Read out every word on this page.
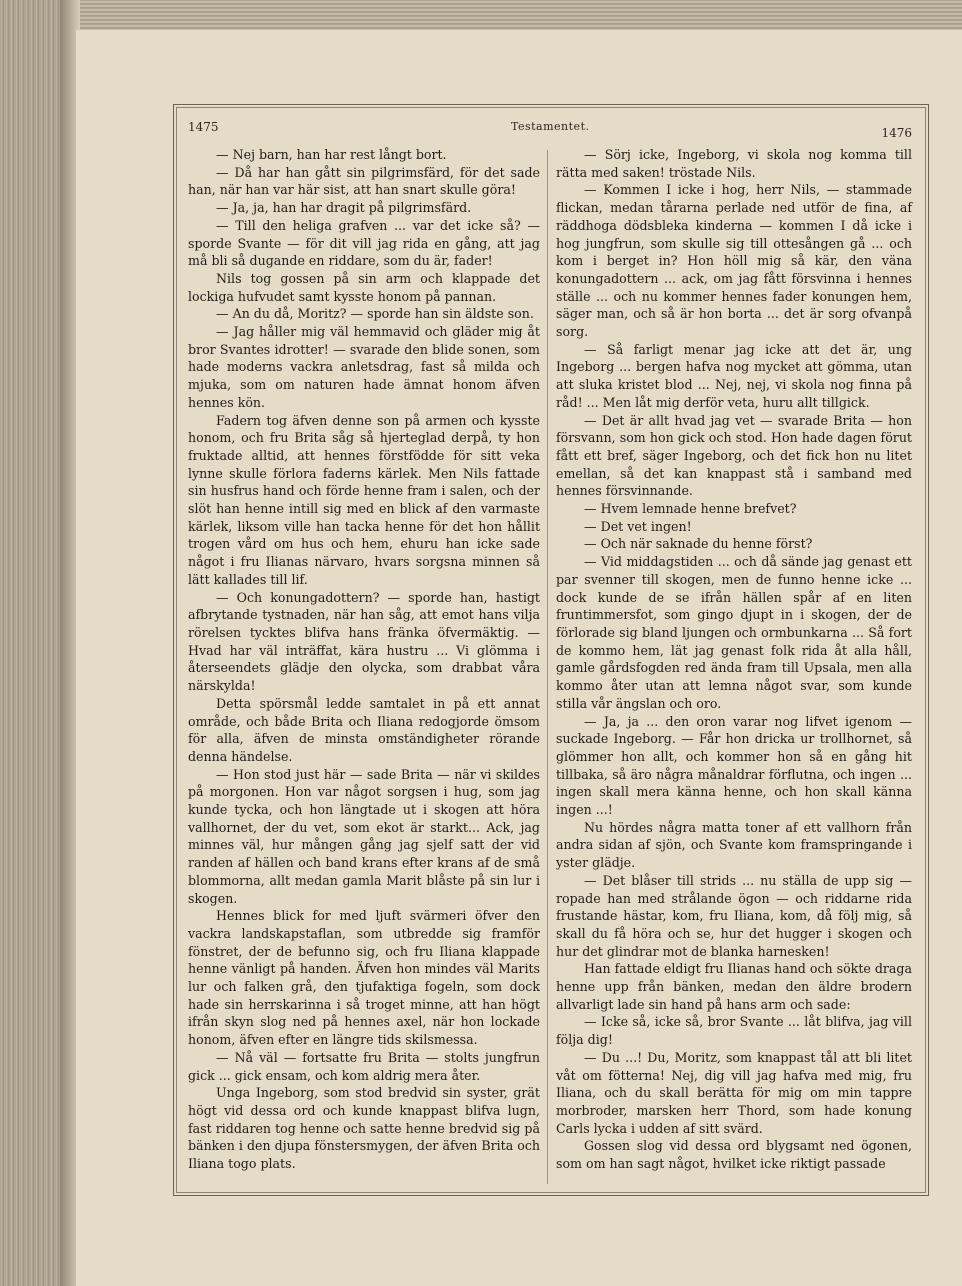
1475	Testamentet.	1476

— Nej barn, han har rest långt bort.

— Då har han gått sin pilgrimsfärd, för det sade han, när han var här sist, att han snart skulle göra!

— Ja, ja, han har dragit på pilgrimsfärd.

— Till den heliga grafven ... var det icke så? — sporde Svante — för dit vill jag rida en gång, att jag må bli så dugande en riddare, som du är, fader!

Nils tog gossen på sin arm och klappade det lockiga hufvudet samt kysste honom på pannan.

— An du då, Moritz? — sporde han sin äldste son.

— Jag håller mig väl hemmavid och gläder mig åt bror Svantes idrotter! — svarade den blide sonen, som hade moderns vackra anletsdrag, fast så milda och mjuka, som om naturen hade ämnat honom äfven hennes kön.

Fadern tog äfven denne son på armen och kysste honom, och fru Brita såg så hjerteglad derpå, ty hon fruktade alltid, att hennes förstfödde för sitt veka lynne skulle förlora faderns kärlek. Men Nils fattade sin husfrus hand och förde henne fram i salen, och der slöt han henne intill sig med en blick af den varmaste kärlek, liksom ville han tacka henne för det hon hållit trogen vård om hus och hem, ehuru han icke sade något i fru Ilianas närvaro, hvars sorgsna minnen så lätt kallades till lif.

— Och konungadottern? — sporde han, hastigt afbrytande tystnaden, när han såg, att emot hans vilja rörelsen tycktes blifva hans fränka öfvermäktig. — Hvad har väl inträffat, kära hustru ... Vi glömma i återseendets glädje den olycka, som drabbat våra närskylda!

Detta spörsmål ledde samtalet in på ett annat område, och både Brita och Iliana redogjorde ömsom för alla, äfven de minsta omständigheter rörande denna händelse.

— Hon stod just här — sade Brita — när vi skildes på morgonen. Hon var något sorgsen i hug, som jag kunde tycka, och hon längtade ut i skogen att höra vallhornet, der du vet, som ekot är starkt... Ack, jag minnes väl, hur mången gång jag sjelf satt der vid randen af hällen och band krans efter krans af de små blommorna, allt medan gamla Marit blåste på sin lur i skogen.

Hennes blick for med ljuft svärmeri öfver den vackra landskapstaflan, som utbredde sig framför fönstret, der de befunno sig, och fru Iliana klappade henne vänligt på handen. Äfven hon mindes väl Marits lur och falken grå, den tjufaktiga fogeln, som dock hade sin herrskarinna i så troget minne, att han högt ifrån skyn slog ned på hennes axel, när hon lockade honom, äfven efter en längre tids skilsmessa.

— Nå väl — fortsatte fru Brita — stolts jungfrun gick ... gick ensam, och kom aldrig mera åter.

Unga Ingeborg, som stod bredvid sin syster, grät högt vid dessa ord och kunde knappast blifva lugn, fast riddaren tog henne och satte henne bredvid sig på bänken i den djupa fönstersmygen, der äfven Brita och Iliana togo plats.

— Sörj icke, Ingeborg, vi skola nog komma till rätta med saken! tröstade Nils.

— Kommen I icke i hog, herr Nils, — stammade flickan, medan tårarna perlade ned utför de fina, af räddhoga dödsbleka kinderna — kommen I då icke i hog jungfrun, som skulle sig till ottesången gå ... och kom i berget in? Hon höll mig så kär, den väna konungadottern ... ack, om jag fått försvinna i hennes ställe ... och nu kommer hennes fader konungen hem, säger man, och så är hon borta ... det är sorg ofvanpå sorg.

— Så farligt menar jag icke att det är, ung Ingeborg ... bergen hafva nog mycket att gömma, utan att sluka kristet blod ... Nej, nej, vi skola nog finna på råd! ... Men låt mig derför veta, huru allt tillgick.

— Det är allt hvad jag vet — svarade Brita — hon försvann, som hon gick och stod. Hon hade dagen förut fått ett bref, säger Ingeborg, och det fick hon nu litet emellan, så det kan knappast stå i samband med hennes försvinnande.

— Hvem lemnade henne brefvet?

— Det vet ingen!

— Och när saknade du henne först?

— Vid middagstiden ... och då sände jag genast ett par svenner till skogen, men de funno henne icke ... dock kunde de se ifrån hällen spår af en liten fruntimmersfot, som gingo djupt in i skogen, der de förlorade sig bland ljungen och ormbunkarna ... Så fort de kommo hem, lät jag genast folk rida åt alla håll, gamle gårdsfogden red ända fram till Upsala, men alla kommo åter utan att lemna något svar, som kunde stilla vår ängslan och oro.

— Ja, ja ... den oron varar nog lifvet igenom — suckade Ingeborg. — Får hon dricka ur trollhornet, så glömmer hon allt, och kommer hon så en gång hit tillbaka, så äro några månaldrar förflutna, och ingen ... ingen skall mera känna henne, och hon skall känna ingen ...!

Nu hördes några matta toner af ett vallhorn från andra sidan af sjön, och Svante kom framspringande i yster glädje.

— Det blåser till strids ... nu ställa de upp sig — ropade han med strålande ögon — och riddarne rida frustande hästar, kom, fru Iliana, kom, då följ mig, så skall du få höra och se, hur det hugger i skogen och hur det glindrar mot de blanka harnesken!

Han fattade eldigt fru Ilianas hand och sökte draga henne upp från bänken, medan den äldre brodern allvarligt lade sin hand på hans arm och sade:

— Icke så, icke så, bror Svante ... låt blifva, jag vill följa dig!

— Du ...! Du, Moritz, som knappast tål att bli litet våt om fötterna! Nej, dig vill jag hafva med mig, fru Iliana, och du skall berätta för mig om min tappre morbroder, marsken herr Thord, som hade konung Carls lycka i udden af sitt svärd.

Gossen slog vid dessa ord blygsamt ned ögonen, som om han sagt något, hvilket icke riktigt passade
